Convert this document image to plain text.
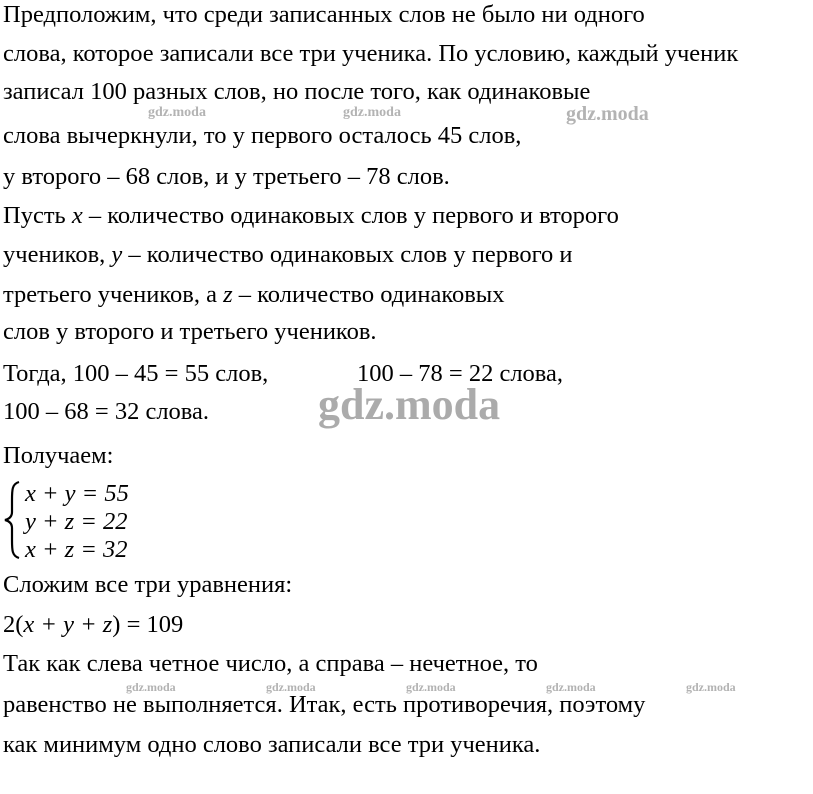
gdz.moda	gdz.moda	gdz.moda
gdz.moda
gdz.moda	gdz.moda	gdz.moda	gdz.moda	gdz.moda
Предположим, что среди записанных слов не было ни одного
слова, которое записали все три ученика. По условию, каждый ученик
записал 100 разных слов, но после того, как одинаковые
слова вычеркнули, то у первого осталось 45 слов,
у второго – 68 слов, и у третьего – 78 слов.
Пусть x – количество одинаковых слов у первого и второго
учеников, y – количество одинаковых слов у первого и
третьего учеников, а z – количество одинаковых
слов у второго и третьего учеников.
Тогда, 100 – 45 = 55 слов,	100 – 78 = 22 слова,
100 – 68 = 32 слова.
Получаем:
x + y = 55
y + z = 22
x + z = 32
Сложим все три уравнения:
2(x + y + z) = 109
Так как слева четное число, а справа – нечетное, то
равенство не выполняется. Итак, есть противоречия, поэтому
как минимум одно слово записали все три ученика.
